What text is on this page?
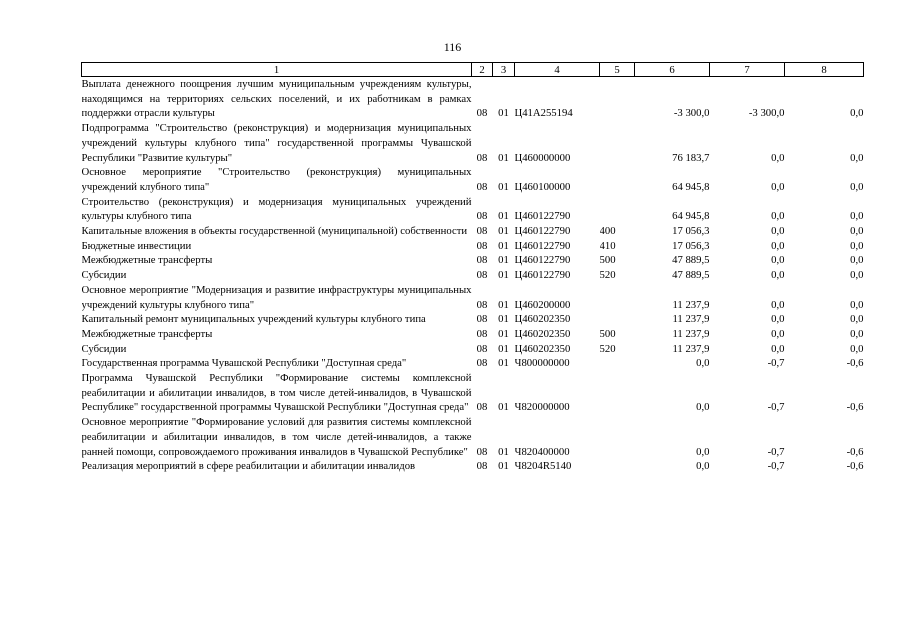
116
1	2	3	4	5	6	7	8
Выплата денежного поощрения лучшим муниципальным учреждениям культуры, находящимся на территориях сельских поселений, и их работникам в рамках поддержки отрасли культуры	08	01	Ц41А255194		-3 300,0	-3 300,0	0,0
Подпрограмма "Строительство (реконструкция) и модернизация муниципальных учреждений культуры клубного типа" государственной программы Чувашской Республики "Развитие культуры"	08	01	Ц460000000		76 183,7	0,0	0,0
Основное мероприятие "Строительство (реконструкция) муниципальных учреждений клубного типа"	08	01	Ц460100000		64 945,8	0,0	0,0
Строительство (реконструкция) и модернизация муниципальных учреждений культуры клубного типа	08	01	Ц460122790		64 945,8	0,0	0,0
Капитальные вложения в объекты государственной (муниципальной) собственности	08	01	Ц460122790	400	17 056,3	0,0	0,0
Бюджетные инвестиции	08	01	Ц460122790	410	17 056,3	0,0	0,0
Межбюджетные трансферты	08	01	Ц460122790	500	47 889,5	0,0	0,0
Субсидии	08	01	Ц460122790	520	47 889,5	0,0	0,0
Основное мероприятие "Модернизация и развитие инфраструктуры муниципальных учреждений культуры клубного типа"	08	01	Ц460200000		11 237,9	0,0	0,0
Капитальный ремонт муниципальных учреждений культуры клубного типа	08	01	Ц460202350		11 237,9	0,0	0,0
Межбюджетные трансферты	08	01	Ц460202350	500	11 237,9	0,0	0,0
Субсидии	08	01	Ц460202350	520	11 237,9	0,0	0,0
Государственная программа Чувашской Республики "Доступная среда"	08	01	Ч800000000		0,0	-0,7	-0,6
Программа Чувашской Республики "Формирование системы комплексной реабилитации и абилитации инвалидов, в том числе детей-инвалидов, в Чувашской Республике" государственной программы Чувашской Республики "Доступная среда"	08	01	Ч820000000		0,0	-0,7	-0,6
Основное мероприятие "Формирование условий для развития системы комплексной реабилитации и абилитации инвалидов, в том числе детей-инвалидов, а также ранней помощи, сопровождаемого проживания инвалидов в Чувашской Республике"	08	01	Ч820400000		0,0	-0,7	-0,6
Реализация мероприятий в сфере реабилитации и абилитации инвалидов	08	01	Ч8204R5140		0,0	-0,7	-0,6
